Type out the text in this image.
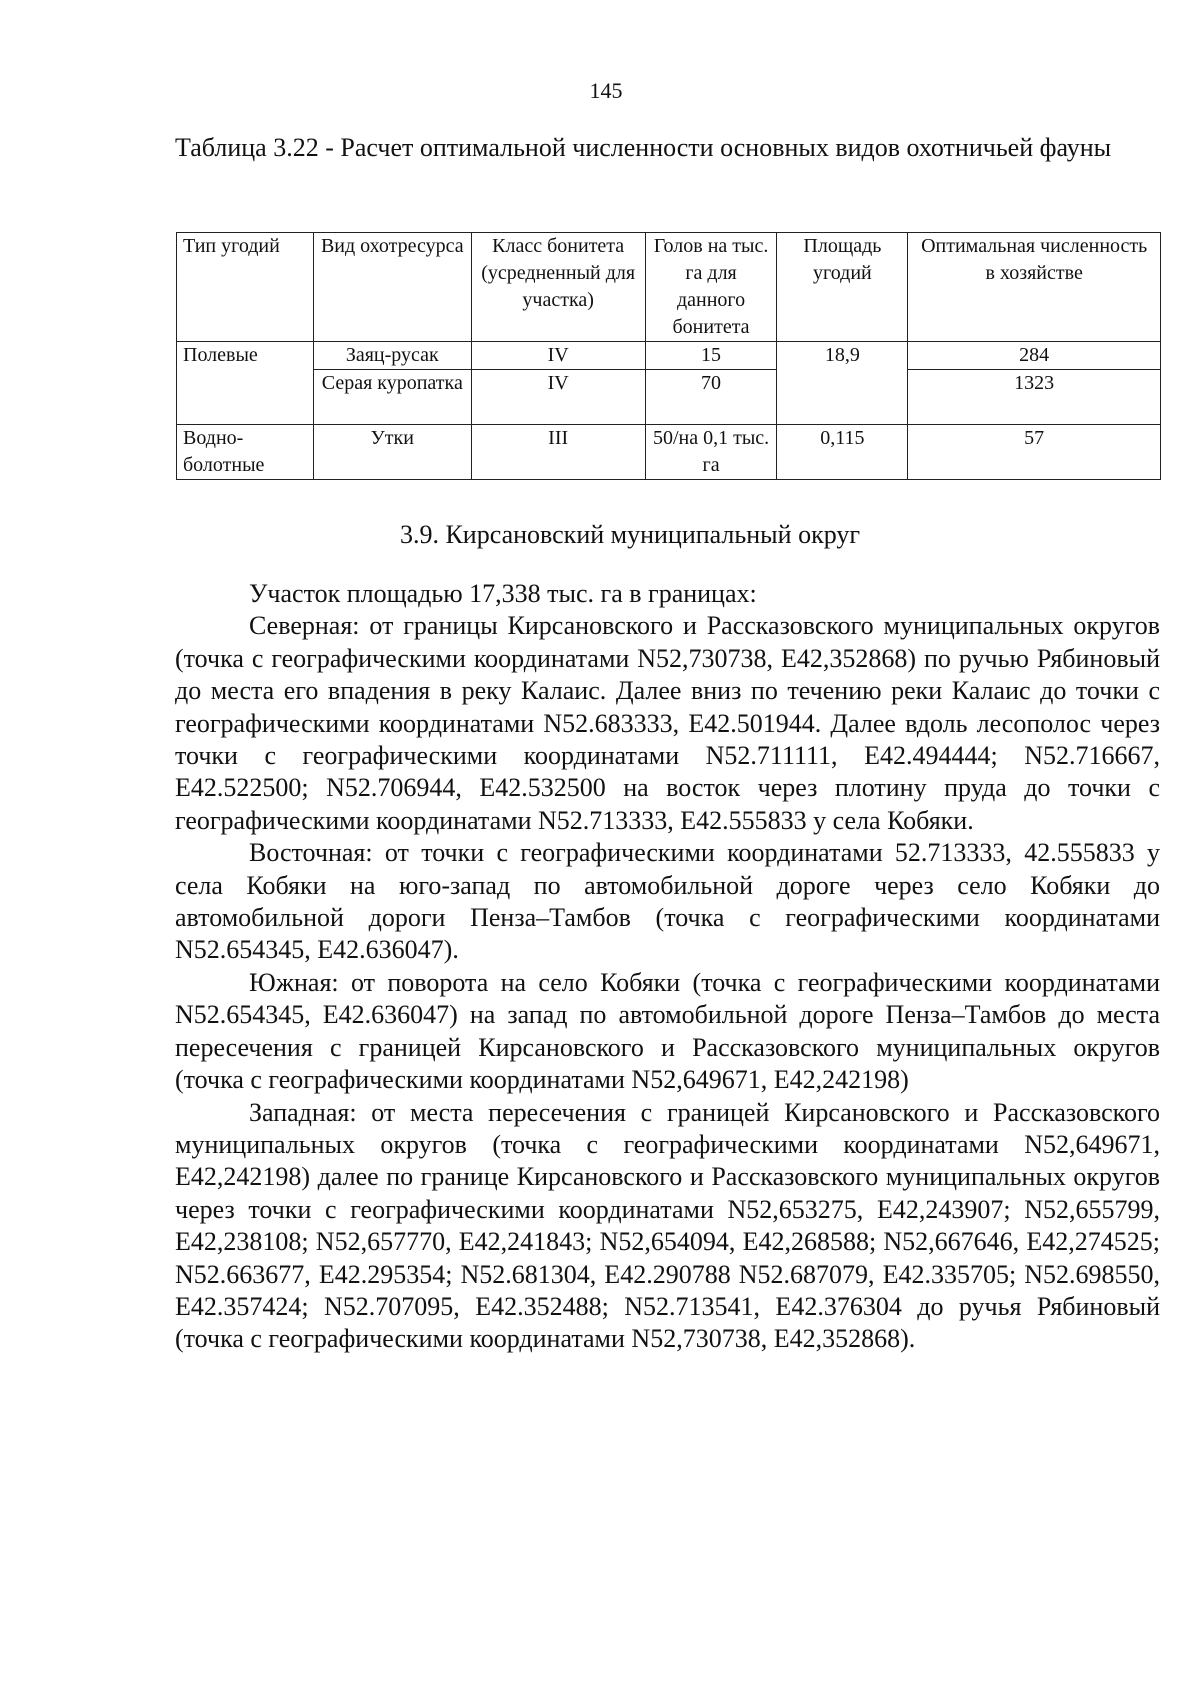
145
Таблица 3.22 - Расчет оптимальной численности основных видов охотничьей фауны
Тип угодий	Вид охотресурса	Класс бонитета (усредненный для участка)	Голов на тыс. га для данного бонитета	Площадь угодий	Оптимальная численность в хозяйстве
Полевые	Заяц-русак	IV	15	18,9	284
	Серая куропатка	IV	70		1323
Водно-болотные	Утки	III	50/на 0,1 тыс. га	0,115	57
3.9. Кирсановский муниципальный округ

Участок площадью 17,338 тыс. га в границах:

Северная: от границы Кирсановского и Рассказовского муниципальных округов (точка с географическими координатами N52,730738, E42,352868) по ручью Рябиновый до места его впадения в реку Калаис. Далее вниз по течению реки Калаис до точки с географическими координатами N52.683333, E42.501944. Далее вдоль лесополос через точки с географическими координатами N52.711111, E42.494444; N52.716667, E42.522500; N52.706944, E42.532500 на восток через плотину пруда до точки с географическими координатами N52.713333, E42.555833 у села Кобяки.

Восточная: от точки с географическими координатами 52.713333, 42.555833 у села Кобяки на юго-запад по автомобильной дороге через село Кобяки до автомобильной дороги Пенза–Тамбов (точка с географическими координатами N52.654345, E42.636047).

Южная: от поворота на село Кобяки (точка с географическими координатами N52.654345, E42.636047) на запад по автомобильной дороге Пенза–Тамбов до места пересечения с границей Кирсановского и Рассказовского муниципальных округов (точка с географическими координатами N52,649671, E42,242198)

Западная: от места пересечения с границей Кирсановского и Рассказовского муниципальных округов (точка с географическими координатами N52,649671, E42,242198) далее по границе Кирсановского и Рассказовского муниципальных округов через точки с географическими координатами N52,653275, E42,243907; N52,655799, E42,238108; N52,657770, E42,241843; N52,654094, E42,268588; N52,667646, E42,274525; N52.663677, E42.295354; N52.681304, E42.290788 N52.687079, E42.335705; N52.698550, E42.357424; N52.707095, E42.352488; N52.713541, E42.376304 до ручья Рябиновый (точка с географическими координатами N52,730738, E42,352868).
